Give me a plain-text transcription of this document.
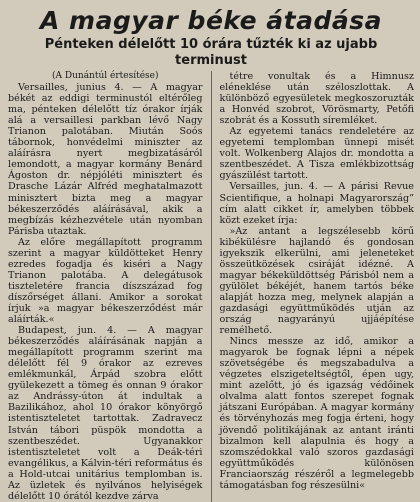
A magyar béke átadása
Pénteken délelőtt 10 órára tűzték ki az ujabb terminust

(A Dunántúl értesítése)

Versailles, junius 4. — A magyar békét az eddigi terminustól eltérőleg ma, pénteken délelőtt tíz órakor írják alá a versaillesi parkban lévő Nagy Trianon palotában. Miután Soós tábornok, honvédelmi miniszter az aláírásra nyert megbizatásáról lemondott, a magyar kormány Benárd Ágoston dr. népjóléti minisztert és Drasche Lázár Alfréd meghatalmazott minisztert bizta meg a magyar békeszerződés aláírásával, akik a megbízás kézhezvétele után nyomban Párisba utaztak.

Az előre megállapított programm szerint a magyar küldötteket Henry ezredes fogadja és kiséri a Nagy Trianon palotába. A delegátusok tiszteletére francia díszszázad fog díszőrséget állani. Amikor a sorokat írjuk »a magyar békeszerződést már aláírták.«

Budapest, jun. 4. — A magyar békeszerződés aláírásának napján a megállapított programm szerint ma délelőtt fél 9 órakor az ezreves emlékmunkál, Árpád szobra előtt gyülekezett a tömeg és onnan 9 órakor az Andrássy-úton át indultak a Bazilikához, ahol 10 órakor könyörgő istentiszteletet tartottak. Zadravecz István tábori püspök mondotta a szentbeszédet. Ugyanakkor istentiszteletet volt a Deák-téri evangélikus, a Kálvin-téri református és a Hold-utcai unitárius templomban is. Az üzletek és nyilvános helyiségek délelőtt 10 órától kezdve zárva

tétre vonultak és a Himnusz eléneklése után széloszlottak. A különböző egyesületek megkoszoruzták a Honvéd szobrot, Vörösmarty, Petőfi szobrát és a Kossuth síremléket.

Az egyetemi tanács rendeletére az egyetemi templomban ünnepi misét volt. Wolkenberg Alajos dr. mondotta a szentbeszédet. A Tisza emlékbizottság gyászülést tartott.

Versailles, jun. 4. — A párisi Revue Scientifique, a holnapi Magyarország” cím alatt cikket ír, amelyben többek közt ezeket írja:

»Az antant a legszélesebb körű kibékülésre hajlandó és gondosan igyekszik elkerülni, ami jeleneteket összeütközések csiráját idézné. A magyar békeküldöttség Párisból nem a gyülölet békéjét, hanem tartós béke alapját hozza meg, melynek alapján a gazdasági együttműködés utján az ország nagyarányú ujjáépítése remélhető.

Nincs messze az idő, amikor a magyarok be fognak lépni a népek szövetségébe és megszabadulva a végzetes elszigeteltségtől, épen ugy, mint azelőtt, jó és igazság védőinek olvalma alatt fontos szerepet fognak játszani Európában. A magyar kormány és törvényhozás meg fogja érteni, hogy jövendő politikájának az antant iránti bizalmon kell alapulnia és hogy a szomszédokkal való szoros gazdasági együttműködés különösen Franciaország részéről a legmelegebb támogatásban fog részesülni«
